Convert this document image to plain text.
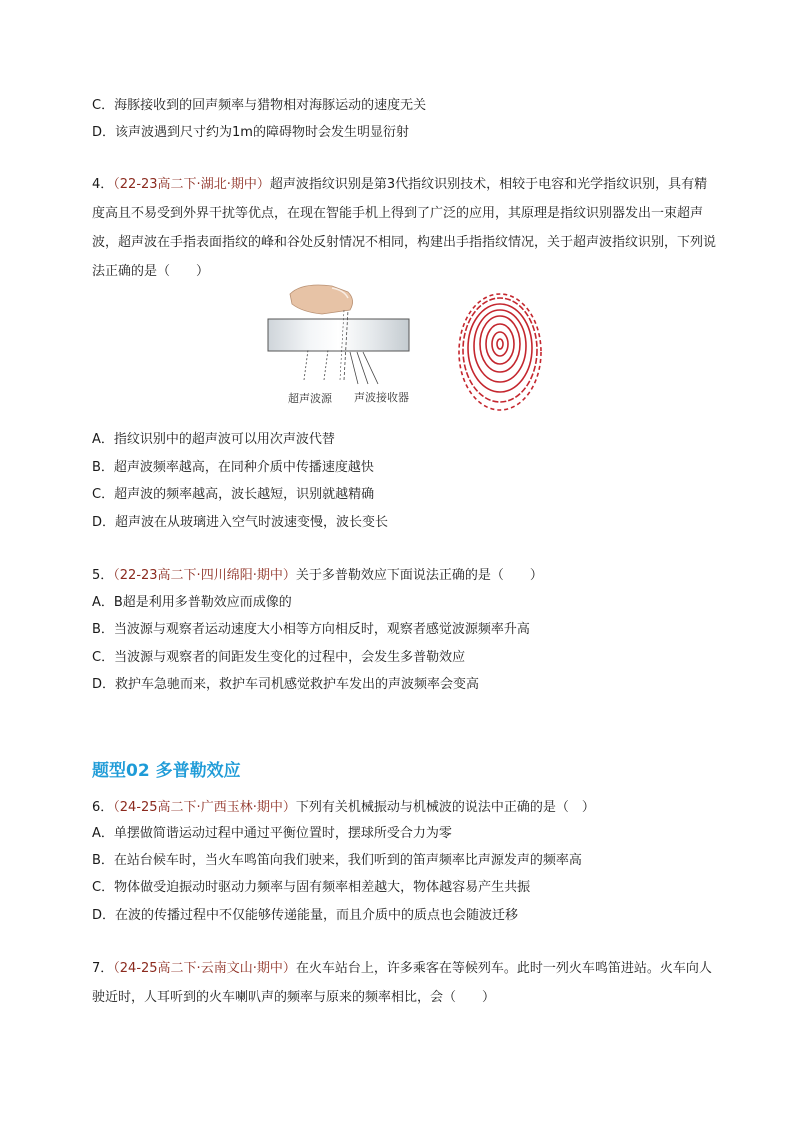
C．海豚接收到的回声频率与猎物相对海豚运动的速度无关
D．该声波遇到尺寸约为1m的障碍物时会发生明显衍射
4．（22-23高二下·湖北·期中）超声波指纹识别是第3代指纹识别技术，相较于电容和光学指纹识别，具有精度高且不易受到外界干扰等优点，在现在智能手机上得到了广泛的应用，其原理是指纹识别器发出一束超声波，超声波在手指表面指纹的峰和谷处反射情况不相同，构建出手指指纹情况，关于超声波指纹识别，下列说法正确的是（　　）
超声波源 声波接收器
A．指纹识别中的超声波可以用次声波代替
B．超声波频率越高，在同种介质中传播速度越快
C．超声波的频率越高，波长越短，识别就越精确
D．超声波在从玻璃进入空气时波速变慢，波长变长
5．（22-23高二下·四川绵阳·期中）关于多普勒效应下面说法正确的是（　　）
A．B超是利用多普勒效应而成像的
B．当波源与观察者运动速度大小相等方向相反时，观察者感觉波源频率升高
C．当波源与观察者的间距发生变化的过程中，会发生多普勒效应
D．救护车急驰而来，救护车司机感觉救护车发出的声波频率会变高
题型02 多普勒效应
6．（24-25高二下·广西玉林·期中）下列有关机械振动与机械波的说法中正确的是（　）
A．单摆做简谐运动过程中通过平衡位置时，摆球所受合力为零
B．在站台候车时，当火车鸣笛向我们驶来，我们听到的笛声频率比声源发声的频率高
C．物体做受迫振动时驱动力频率与固有频率相差越大，物体越容易产生共振
D．在波的传播过程中不仅能够传递能量，而且介质中的质点也会随波迁移
7．（24-25高二下·云南文山·期中）在火车站台上，许多乘客在等候列车。此时一列火车鸣笛进站。火车向人驶近时，人耳听到的火车喇叭声的频率与原来的频率相比，会（　　）
